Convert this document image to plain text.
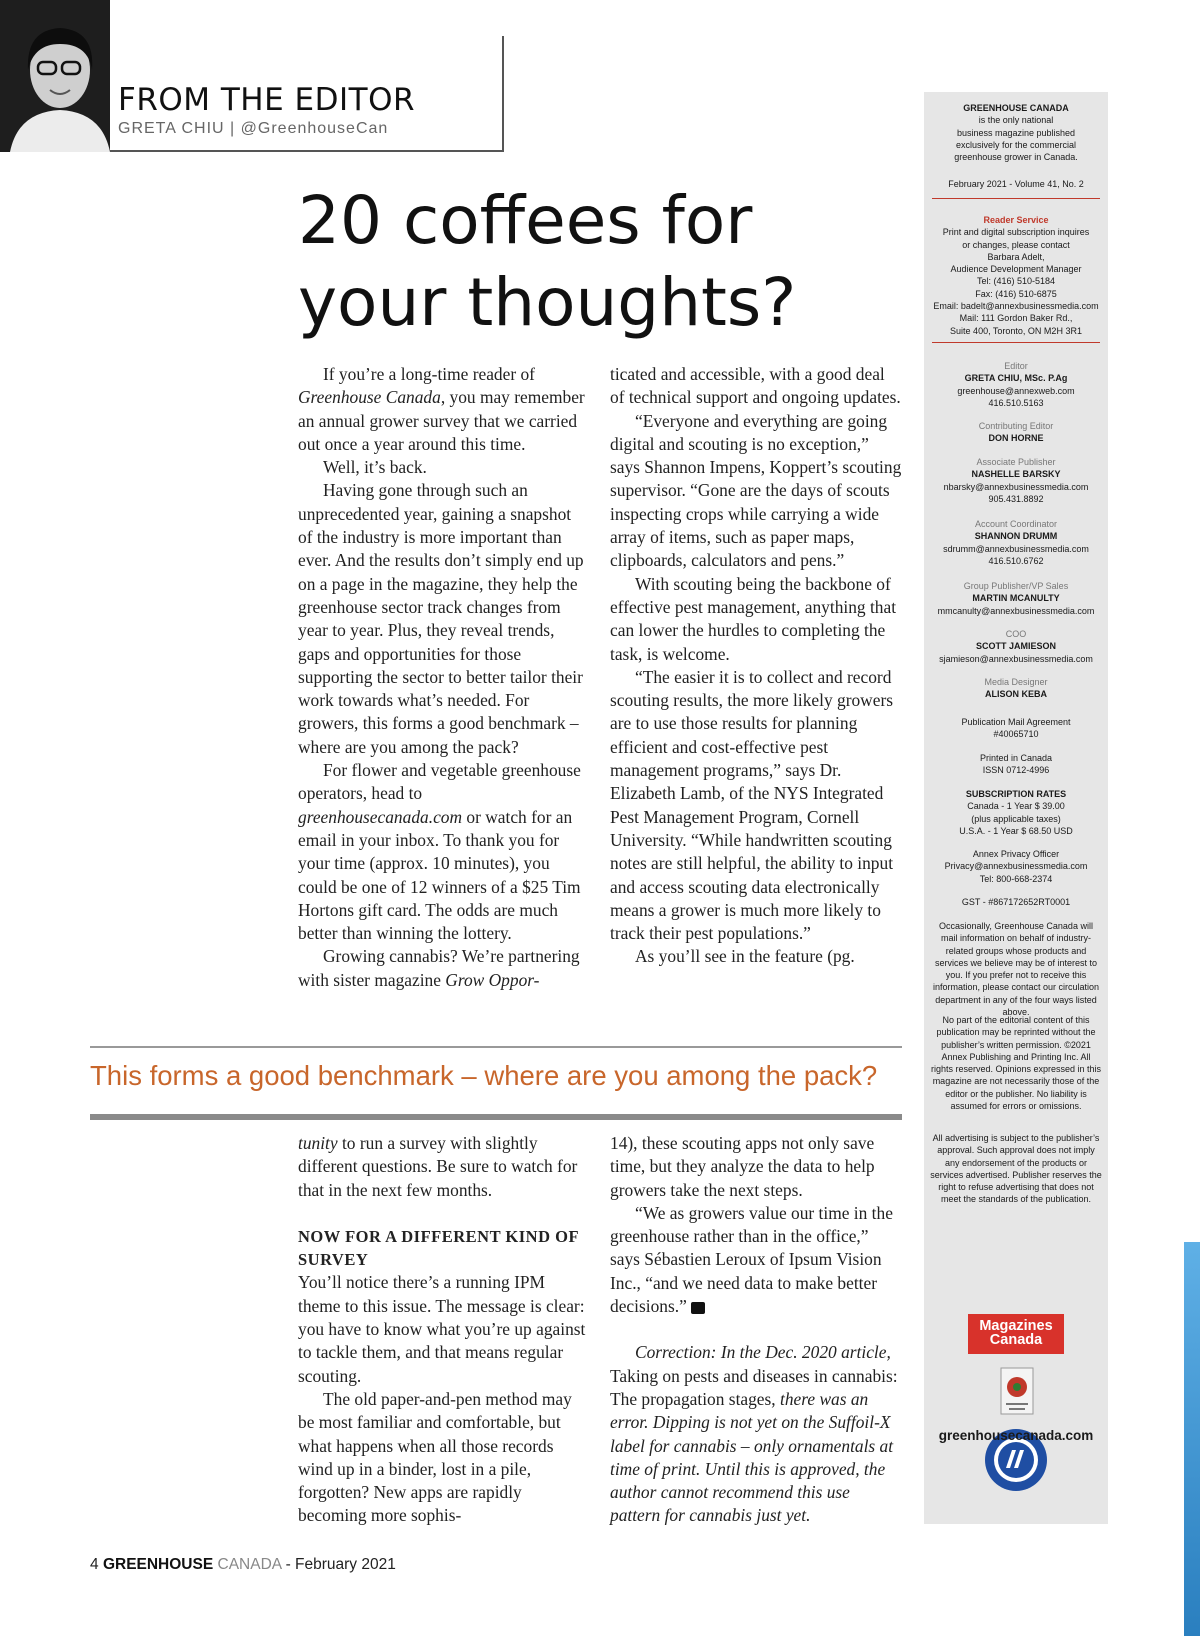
FROM THE EDITOR
GRETA CHIU | @GreenhouseCan
20 coffees for your thoughts?

If you’re a long-time reader of Greenhouse Canada, you may remember an annual grower survey that we carried out once a year around this time.

Well, it’s back.

Having gone through such an unprecedented year, gaining a snapshot of the industry is more important than ever. And the results don’t simply end up on a page in the magazine, they help the greenhouse sector track changes from year to year. Plus, they reveal trends, gaps and opportunities for those supporting the sector to better tailor their work towards what’s needed. For growers, this forms a good benchmark – where are you among the pack?

For flower and vegetable greenhouse operators, head to greenhousecanada.com or watch for an email in your inbox. To thank you for your time (approx. 10 minutes), you could be one of 12 winners of a $25 Tim Hortons gift card. The odds are much better than winning the lottery.

Growing cannabis? We’re partnering with sister magazine Grow Oppor-

ticated and accessible, with a good deal of technical support and ongoing updates.

“Everyone and everything are going digital and scouting is no exception,” says Shannon Impens, Koppert’s scouting supervisor. “Gone are the days of scouts inspecting crops while carrying a wide array of items, such as paper maps, clipboards, calculators and pens.”

With scouting being the backbone of effective pest management, anything that can lower the hurdles to completing the task, is welcome.

“The easier it is to collect and record scouting results, the more likely growers are to use those results for planning efficient and cost-effective pest management programs,” says Dr. Elizabeth Lamb, of the NYS Integrated Pest Management Program, Cornell University. “While handwritten scouting notes are still helpful, the ability to input and access scouting data electronically means a grower is much more likely to track their pest populations.”

As you’ll see in the feature (pg.

This forms a good benchmark – where are you among the pack?

tunity to run a survey with slightly different questions. Be sure to watch for that in the next few months.

NOW FOR A DIFFERENT KIND OF SURVEY

You’ll notice there’s a running IPM theme to this issue. The message is clear: you have to know what you’re up against to tackle them, and that means regular scouting.

The old paper-and-pen method may be most familiar and comfortable, but what happens when all those records wind up in a binder, lost in a pile, forgotten? New apps are rapidly becoming more sophis-

14), these scouting apps not only save time, but they analyze the data to help growers take the next steps.

“We as growers value our time in the greenhouse rather than in the office,” says Sébastien Leroux of Ipsum Vision Inc., “and we need data to make better decisions.”	GC

Correction: In the Dec. 2020 article, Taking on pests and diseases in cannabis: The propagation stages, there was an error. Dipping is not yet on the Suffoil-X label for cannabis – only ornamentals at time of print. Until this is approved, the author cannot recommend this use pattern for cannabis just yet.

4 GREENHOUSE CANADA - February 2021
GREENHOUSE CANADA
is the only national
business magazine published
exclusively for the commercial
greenhouse grower in Canada.
February 2021 - Volume 41, No. 2
Reader Service
Print and digital subscription inquires
or changes, please contact
Barbara Adelt,
Audience Development Manager
Tel: (416) 510-5184
Fax: (416) 510-6875
Email: badelt@annexbusinessmedia.com
Mail: 111 Gordon Baker Rd.,
Suite 400, Toronto, ON M2H 3R1
Editor
GRETA CHIU, MSc. P.Ag
greenhouse@annexweb.com
416.510.5163
Contributing Editor
DON HORNE
Associate Publisher
NASHELLE BARSKY
nbarsky@annexbusinessmedia.com
905.431.8892
Account Coordinator
SHANNON DRUMM
sdrumm@annexbusinessmedia.com
416.510.6762
Group Publisher/VP Sales
MARTIN MCANULTY
mmcanulty@annexbusinessmedia.com
COO
SCOTT JAMIESON
sjamieson@annexbusinessmedia.com
Media Designer
ALISON KEBA
Publication Mail Agreement
#40065710
Printed in Canada
ISSN 0712-4996
SUBSCRIPTION RATES
Canada - 1 Year $ 39.00
(plus applicable taxes)
U.S.A. - 1 Year $ 68.50 USD
Annex Privacy Officer
Privacy@annexbusinessmedia.com
Tel: 800-668-2374
GST - #867172652RT0001
Occasionally, Greenhouse Canada will mail information on behalf of industry-related groups whose products and services we believe may be of interest to you. If you prefer not to receive this information, please contact our circulation department in any of the four ways listed above.
No part of the editorial content of this publication may be reprinted without the publisher’s written permission. ©2021 Annex Publishing and Printing Inc. All rights reserved. Opinions expressed in this magazine are not necessarily those of the editor or the publisher. No liability is assumed for errors or omissions.
All advertising is subject to the publisher’s approval. Such approval does not imply any endorsement of the products or services advertised. Publisher reserves the right to refuse advertising that does not meet the standards of the publication.
Magazines
Canada
greenhousecanada.com
